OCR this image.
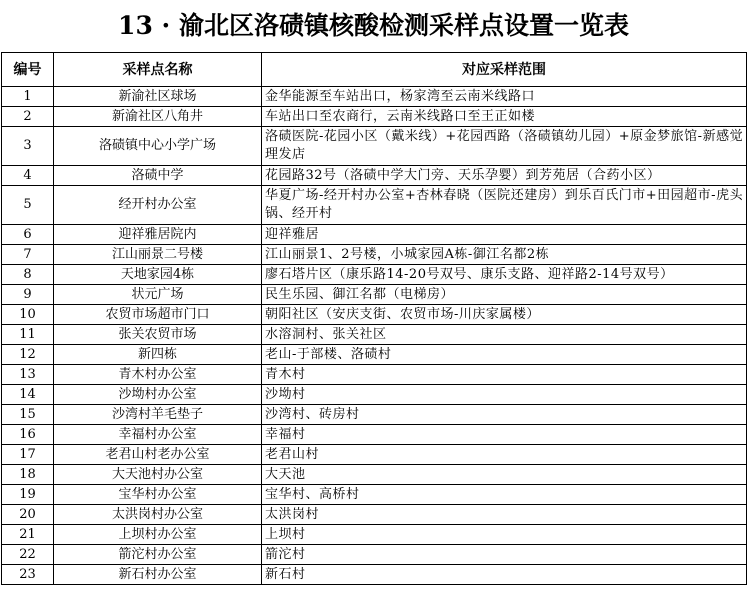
13 · 渝北区洛碛镇核酸检测采样点设置一览表
编号	采样点名称	对应采样范围
1	新渝社区球场	金华能源至车站出口，杨家湾至云南米线路口
2	新渝社区八角井	车站出口至农商行，云南米线路口至王正如楼
3	洛碛镇中心小学广场	洛碛医院-花园小区（戴米线）+花园西路（洛碛镇幼儿园）+原金梦旅馆-新感觉理发店
4	洛碛中学	花园路32号（洛碛中学大门旁、天乐孕婴）到芳苑居（合药小区）
5	经开村办公室	华夏广场-经开村办公室+杏林春晓（医院还建房）到乐百氏门市+田园超市-虎头锅、经开村
6	迎祥雅居院内	迎祥雅居
7	江山丽景二号楼	江山丽景1、2号楼，小城家园A栋-御江名都2栋
8	天地家园4栋	廖石塔片区（康乐路14-20号双号、康乐支路、迎祥路2-14号双号）
9	状元广场	民生乐园、御江名都（电梯房）
10	农贸市场超市门口	朝阳社区（安庆支街、农贸市场-川庆家属楼）
11	张关农贸市场	水溶洞村、张关社区
12	新四栋	老山-于部楼、洛碛村
13	青木村办公室	青木村
14	沙坳村办公室	沙坳村
15	沙湾村羊毛垫子	沙湾村、砖房村
16	幸福村办公室	幸福村
17	老君山村老办公室	老君山村
18	大天池村办公室	大天池
19	宝华村办公室	宝华村、高桥村
20	太洪岗村办公室	太洪岗村
21	上坝村办公室	上坝村
22	箭沱村办公室	箭沱村
23	新石村办公室	新石村
